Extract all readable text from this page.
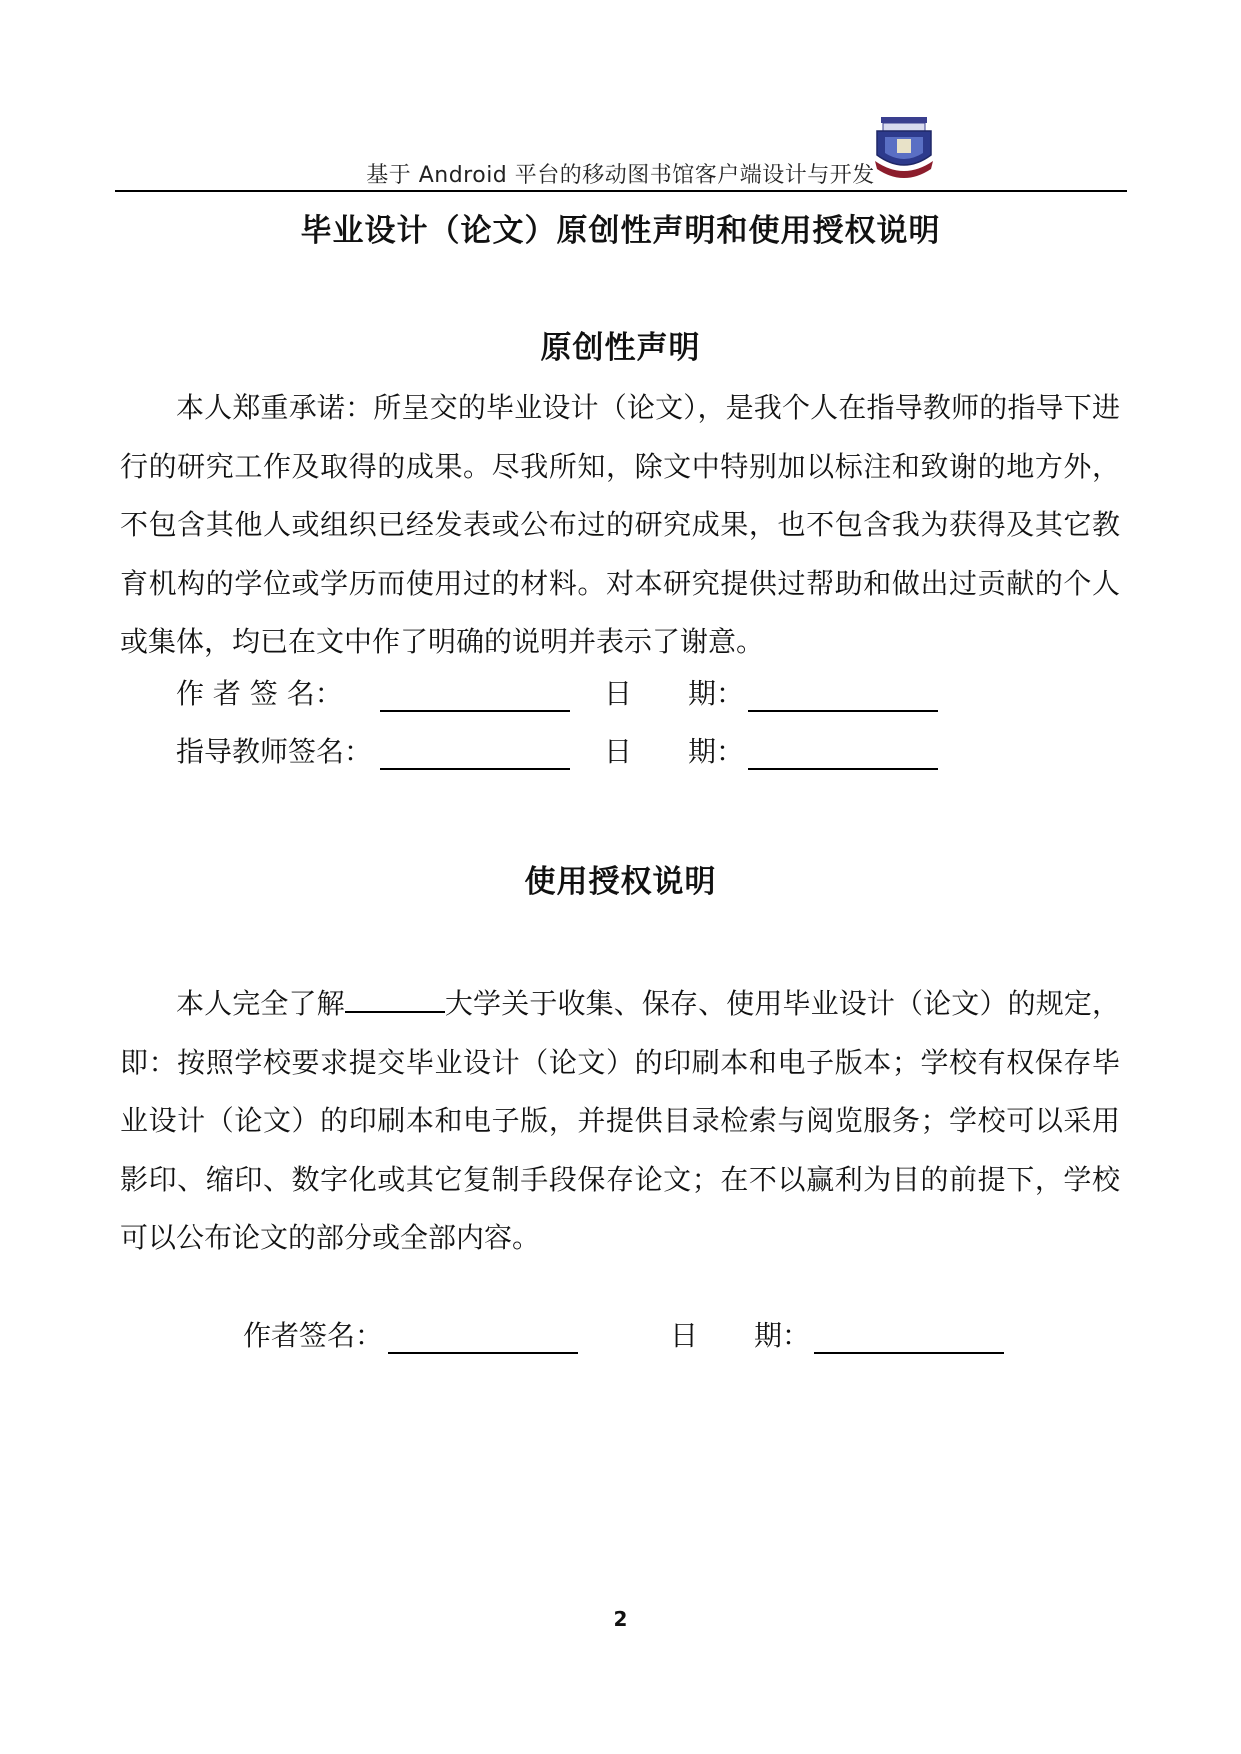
基于 Android 平台的移动图书馆客户端设计与开发
毕业设计（论文）原创性声明和使用授权说明
原创性声明

本人郑重承诺：所呈交的毕业设计（论文），是我个人在指导教师的指导下进行的研究工作及取得的成果。尽我所知，除文中特别加以标注和致谢的地方外，不包含其他人或组织已经发表或公布过的研究成果，也不包含我为获得及其它教育机构的学位或学历而使用过的材料。对本研究提供过帮助和做出过贡献的个人或集体，均已在文中作了明确的说明并表示了谢意。

作 者 签 名：	日　　期：
指导教师签名：	日　　期：
使用授权说明

本人完全了解	大学关于收集、保存、使用毕业设计（论文）的规定，即：按照学校要求提交毕业设计（论文）的印刷本和电子版本；学校有权保存毕业设计（论文）的印刷本和电子版，并提供目录检索与阅览服务；学校可以采用影印、缩印、数字化或其它复制手段保存论文；在不以赢利为目的前提下，学校可以公布论文的部分或全部内容。

作者签名：	日　　期：
2
